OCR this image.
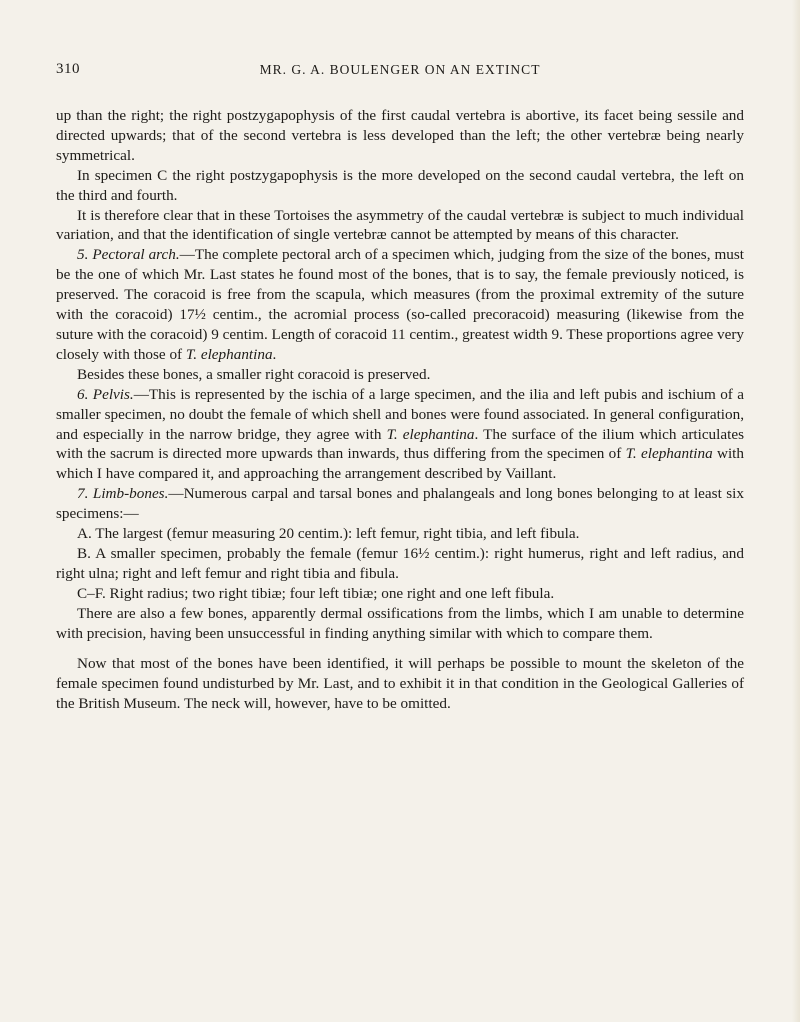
310	MR. G. A. BOULENGER ON AN EXTINCT

up than the right; the right postzygapophysis of the first caudal vertebra is abortive, its facet being sessile and directed upwards; that of the second vertebra is less developed than the left; the other vertebræ being nearly symmetrical.

In specimen C the right postzygapophysis is the more developed on the second caudal vertebra, the left on the third and fourth.

It is therefore clear that in these Tortoises the asymmetry of the caudal vertebræ is subject to much individual variation, and that the identification of single vertebræ cannot be attempted by means of this character.

5. Pectoral arch.—The complete pectoral arch of a specimen which, judging from the size of the bones, must be the one of which Mr. Last states he found most of the bones, that is to say, the female previously noticed, is preserved. The coracoid is free from the scapula, which measures (from the proximal extremity of the suture with the coracoid) 17½ centim., the acromial process (so-called precoracoid) measuring (likewise from the suture with the coracoid) 9 centim. Length of coracoid 11 centim., greatest width 9. These proportions agree very closely with those of T. elephantina.

Besides these bones, a smaller right coracoid is preserved.

6. Pelvis.—This is represented by the ischia of a large specimen, and the ilia and left pubis and ischium of a smaller specimen, no doubt the female of which shell and bones were found associated. In general configuration, and especially in the narrow bridge, they agree with T. elephantina. The surface of the ilium which articulates with the sacrum is directed more upwards than inwards, thus differing from the specimen of T. elephantina with which I have compared it, and approaching the arrangement described by Vaillant.

7. Limb-bones.—Numerous carpal and tarsal bones and phalangeals and long bones belonging to at least six specimens:—

A. The largest (femur measuring 20 centim.): left femur, right tibia, and left fibula.

B. A smaller specimen, probably the female (femur 16½ centim.): right humerus, right and left radius, and right ulna; right and left femur and right tibia and fibula.

C–F. Right radius; two right tibiæ; four left tibiæ; one right and one left fibula.

There are also a few bones, apparently dermal ossifications from the limbs, which I am unable to determine with precision, having been unsuccessful in finding anything similar with which to compare them.

Now that most of the bones have been identified, it will perhaps be possible to mount the skeleton of the female specimen found undisturbed by Mr. Last, and to exhibit it in that condition in the Geological Galleries of the British Museum. The neck will, however, have to be omitted.
